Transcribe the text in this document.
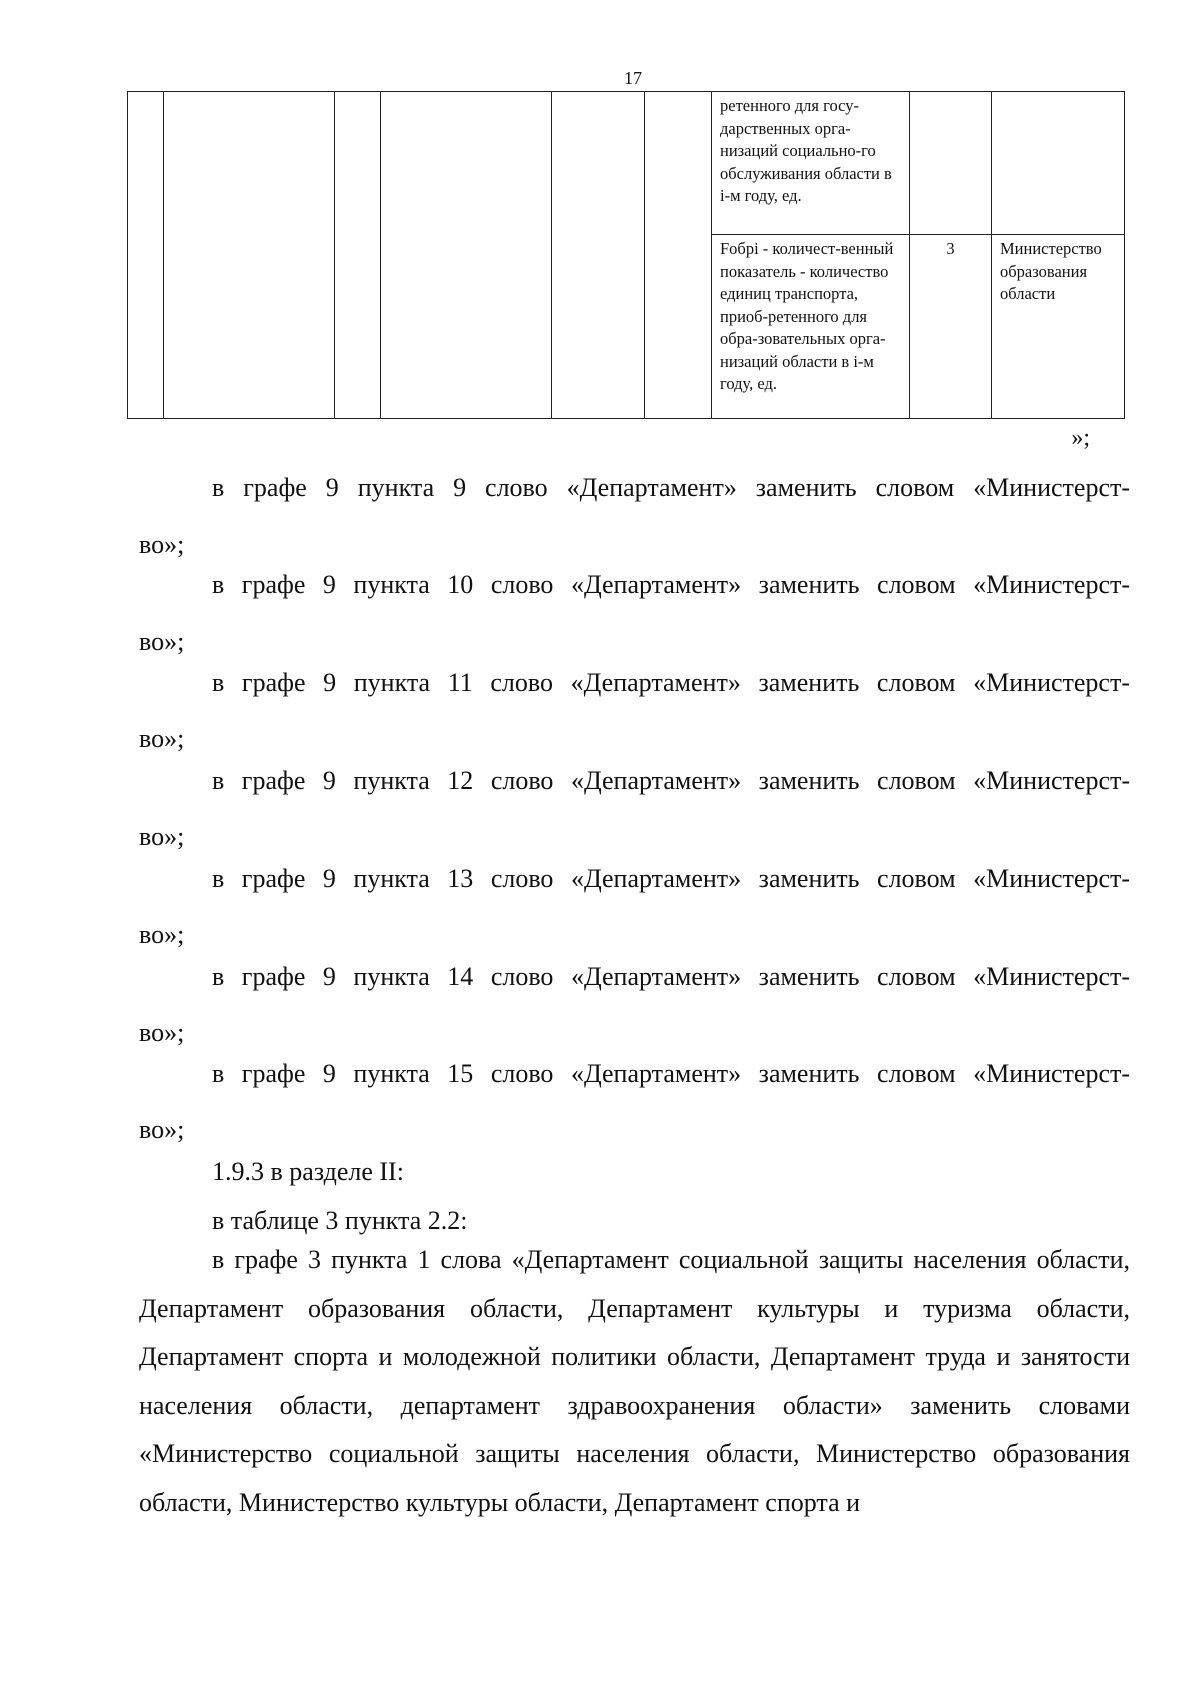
17
						ретенного для госу-дарственных орга-низаций социально-го обслуживания области в i-м году, ед.		
						Fобрi - количест-венный показатель - количество единиц транспорта, приоб-ретенного для обра-зовательных орга-низаций области в i-м году, ед.	3	Министерство образования области
»;
в графе 9 пункта 9 слово «Департамент» заменить словом «Министерст-
во»;
в графе 9 пункта 10 слово «Департамент» заменить словом «Министерст-
во»;
в графе 9 пункта 11 слово «Департамент» заменить словом «Министерст-
во»;
в графе 9 пункта 12 слово «Департамент» заменить словом «Министерст-
во»;
в графе 9 пункта 13 слово «Департамент» заменить словом «Министерст-
во»;
в графе 9 пункта 14 слово «Департамент» заменить словом «Министерст-
во»;
в графе 9 пункта 15 слово «Департамент» заменить словом «Министерст-
во»;
1.9.3 в разделе II:
в таблице 3 пункта 2.2:
в графе 3 пункта 1 слова «Департамент социальной защиты населения области, Департамент образования области, Департамент культуры и туризма области, Департамент спорта и молодежной политики области, Департамент труда и занятости населения области, департамент здравоохранения области» заменить словами «Министерство социальной защиты населения области, Министерство образования области, Министерство культуры области, Департамент спорта и
